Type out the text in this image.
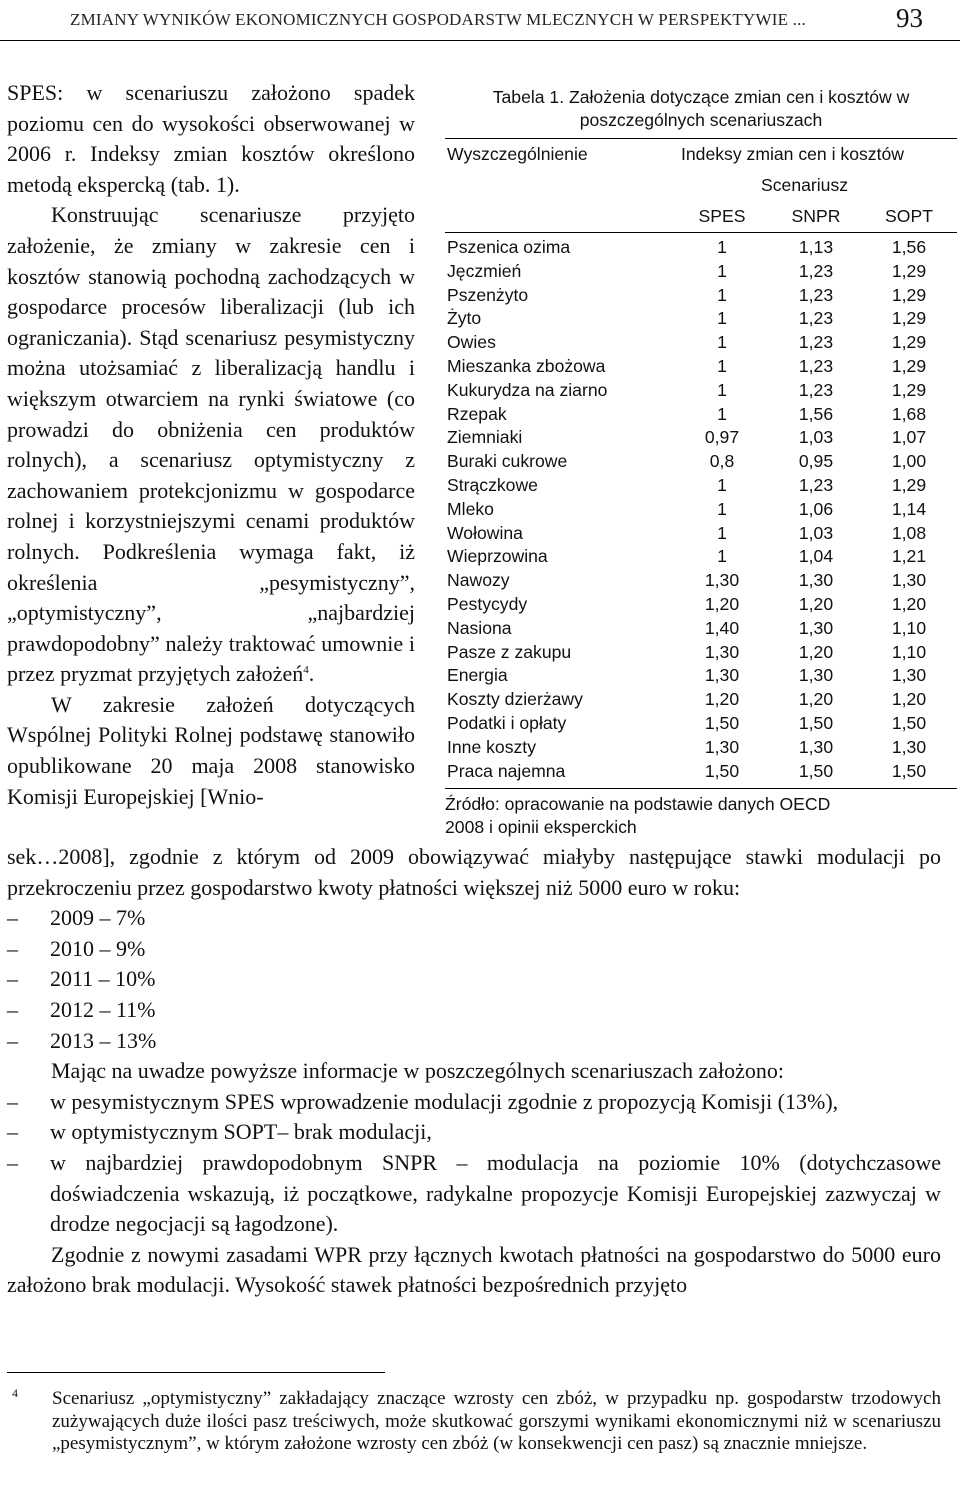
ZMIANY WYNIKÓW EKONOMICZNYCH GOSPODARSTW MLECZNYCH W PERSPEKTYWIE ...	93

SPES: w scenariuszu założono spadek poziomu cen do wysokości obserwowanej w 2006 r. Indeksy zmian kosztów określono metodą ekspercką (tab. 1).

Konstruując scenariusze przyjęto założenie, że zmiany w zakresie cen i kosztów stanowią pochodną zachodzących w gospodarce procesów liberalizacji (lub ich ograniczania). Stąd scenariusz pesymistyczny można utożsamiać z liberalizacją handlu i większym otwarciem na rynki światowe (co prowadzi do obniżenia cen produktów rolnych), a scenariusz optymistyczny z zachowaniem protekcjonizmu w gospodarce rolnej i korzystniejszymi cenami produktów rolnych. Podkreślenia wymaga fakt, iż określenia „pesymistyczny”, „optymistyczny”, „najbardziej prawdopodobny” należy traktować umownie i przez pryzmat przyjętych założeń$^4$.

W zakresie założeń dotyczących Wspólnej Polityki Rolnej podstawę stanowiło opublikowane 20 maja 2008 stanowisko Komisji Europejskiej [Wnio-

Tabela 1. Założenia dotyczące zmian cen i kosztów w
poszczególnych scenariuszach
Wyszczególnienie	Indeksy zmian cen i kosztów
Scenariusz
SPES	SNPR	SOPT
Pszenica ozima	1	1,13	1,56
Jęczmień	1	1,23	1,29
Pszenżyto	1	1,23	1,29
Żyto	1	1,23	1,29
Owies	1	1,23	1,29
Mieszanka zbożowa	1	1,23	1,29
Kukurydza na ziarno	1	1,23	1,29
Rzepak	1	1,56	1,68
Ziemniaki	0,97	1,03	1,07
Buraki cukrowe	0,8	0,95	1,00
Strączkowe	1	1,23	1,29
Mleko	1	1,06	1,14
Wołowina	1	1,03	1,08
Wieprzowina	1	1,04	1,21
Nawozy	1,30	1,30	1,30
Pestycydy	1,20	1,20	1,20
Nasiona	1,40	1,30	1,10
Pasze z zakupu	1,30	1,20	1,10
Energia	1,30	1,30	1,30
Koszty dzierżawy	1,20	1,20	1,20
Podatki i opłaty	1,50	1,50	1,50
Inne koszty	1,30	1,30	1,30
Praca najemna	1,50	1,50	1,50
Źródło: opracowanie na podstawie danych OECD
2008 i opinii eksperckich

sek…2008], zgodnie z którym od 2009 obowiązywać miałyby następujące stawki modulacji po przekroczeniu przez gospodarstwo kwoty płatności większej niż 5000 euro w roku:

– 2009 – 7%
– 2010 – 9%
– 2011 – 10%
– 2012 – 11%
– 2013 – 13%

Mając na uwadze powyższe informacje w poszczególnych scenariuszach założono:

– w pesymistycznym SPES wprowadzenie modulacji zgodnie z propozycją Komisji (13%),
– w optymistycznym SOPT– brak modulacji,
– w najbardziej prawdopodobnym SNPR – modulacja na poziomie 10% (dotychczasowe doświadczenia wskazują, iż początkowe, radykalne propozycje Komisji Europejskiej zazwyczaj w drodze negocjacji są łagodzone).

Zgodnie z nowymi zasadami WPR przy łącznych kwotach płatności na gospodarstwo do 5000 euro założono brak modulacji. Wysokość stawek płatności bezpośrednich przyjęto

4 Scenariusz „optymistyczny” zakładający znaczące wzrosty cen zbóż, w przypadku np. gospodarstw trzodowych zużywających duże ilości pasz treściwych, może skutkować gorszymi wynikami ekonomicznymi niż w scenariuszu „pesymistycznym”, w którym założone wzrosty cen zbóż (w konsekwencji cen pasz) są znacznie mniejsze.
